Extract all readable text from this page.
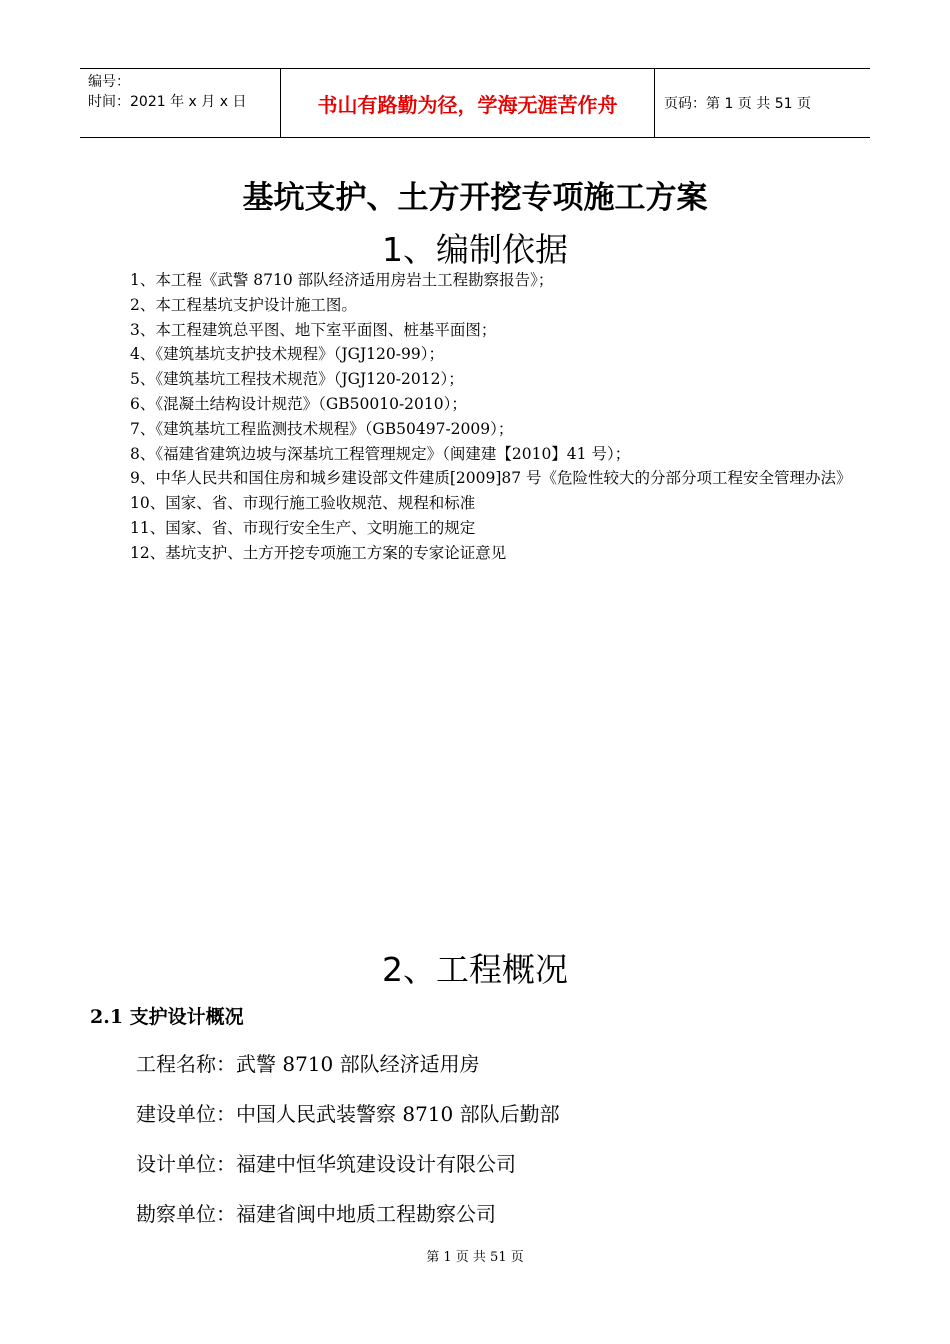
编号：
时间：2021 年 x 月 x 日	书山有路勤为径，学海无涯苦作舟	页码：第 1 页 共 51 页
基坑支护、土方开挖专项施工方案
1、编制依据

1、本工程《武警 8710 部队经济适用房岩土工程勘察报告》；

2、本工程基坑支护设计施工图。

3、本工程建筑总平图、地下室平面图、桩基平面图；

4、《建筑基坑支护技术规程》（JGJ120-99）；

5、《建筑基坑工程技术规范》（JGJ120-2012）；

6、《混凝土结构设计规范》（GB50010-2010）；

7、《建筑基坑工程监测技术规程》（GB50497-2009）；

8、《福建省建筑边坡与深基坑工程管理规定》（闽建建【2010】41 号）；

9、中华人民共和国住房和城乡建设部文件建质[2009]87 号《危险性较大的分部分项工程安全管理办法》

10、国家、省、市现行施工验收规范、规程和标准

11、国家、省、市现行安全生产、文明施工的规定

12、基坑支护、土方开挖专项施工方案的专家论证意见

2、工程概况
2.1 支护设计概况
工程名称：武警 8710 部队经济适用房
建设单位：中国人民武装警察 8710 部队后勤部
设计单位：福建中恒华筑建设设计有限公司
勘察单位：福建省闽中地质工程勘察公司
第 1 页 共 51 页
